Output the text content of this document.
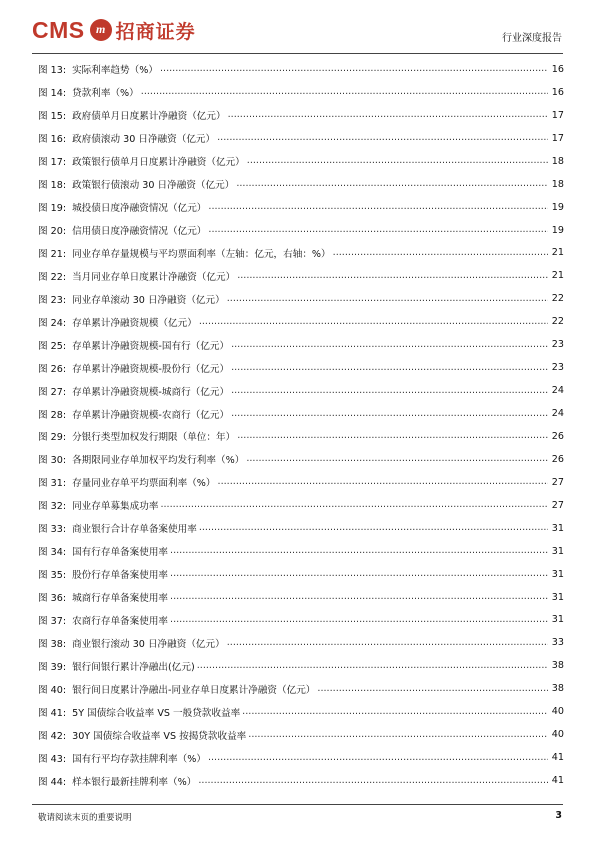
CMS m 招商证券	行业深度报告
图 13: 实际利率趋势（%） .....	16
图 14: 贷款利率（%） .....	16
图 15: 政府债单月日度累计净融资（亿元） .....	17
图 16: 政府债滚动 30 日净融资（亿元） .....	17
图 17: 政策银行债单月日度累计净融资（亿元） .....	18
图 18: 政策银行债滚动 30 日净融资（亿元） .....	18
图 19: 城投债日度净融资情况（亿元） .....	19
图 20: 信用债日度净融资情况（亿元） .....	19
图 21: 同业存单存量规模与平均票面利率（左轴：亿元，右轴：%） .....	21
图 22: 当月同业存单日度累计净融资（亿元） .....	21
图 23: 同业存单滚动 30 日净融资（亿元） .....	22
图 24: 存单累计净融资规模（亿元） .....	22
图 25: 存单累计净融资规模-国有行（亿元） .....	23
图 26: 存单累计净融资规模-股份行（亿元） .....	23
图 27: 存单累计净融资规模-城商行（亿元） .....	24
图 28: 存单累计净融资规模-农商行（亿元） .....	24
图 29: 分银行类型加权发行期限（单位：年） .....	26
图 30: 各期限同业存单加权平均发行利率（%） .....	26
图 31: 存量同业存单平均票面利率（%） .....	27
图 32: 同业存单募集成功率 .....	27
图 33: 商业银行合计存单备案使用率 .....	31
图 34: 国有行存单备案使用率 .....	31
图 35: 股份行存单备案使用率 .....	31
图 36: 城商行存单备案使用率 .....	31
图 37: 农商行存单备案使用率 .....	31
图 38: 商业银行滚动 30 日净融资（亿元） .....	33
图 39: 银行间银行累计净融出(亿元) .....	38
图 40: 银行间日度累计净融出-同业存单日度累计净融资（亿元） .....	38
图 41: 5Y 国债综合收益率 VS 一般贷款收益率 .....	40
图 42: 30Y 国债综合收益率 VS 按揭贷款收益率 .....	40
图 43: 国有行平均存款挂牌利率（%） .....	41
图 44: 样本银行最新挂牌利率（%） .....	41
敬请阅读末页的重要说明	3
